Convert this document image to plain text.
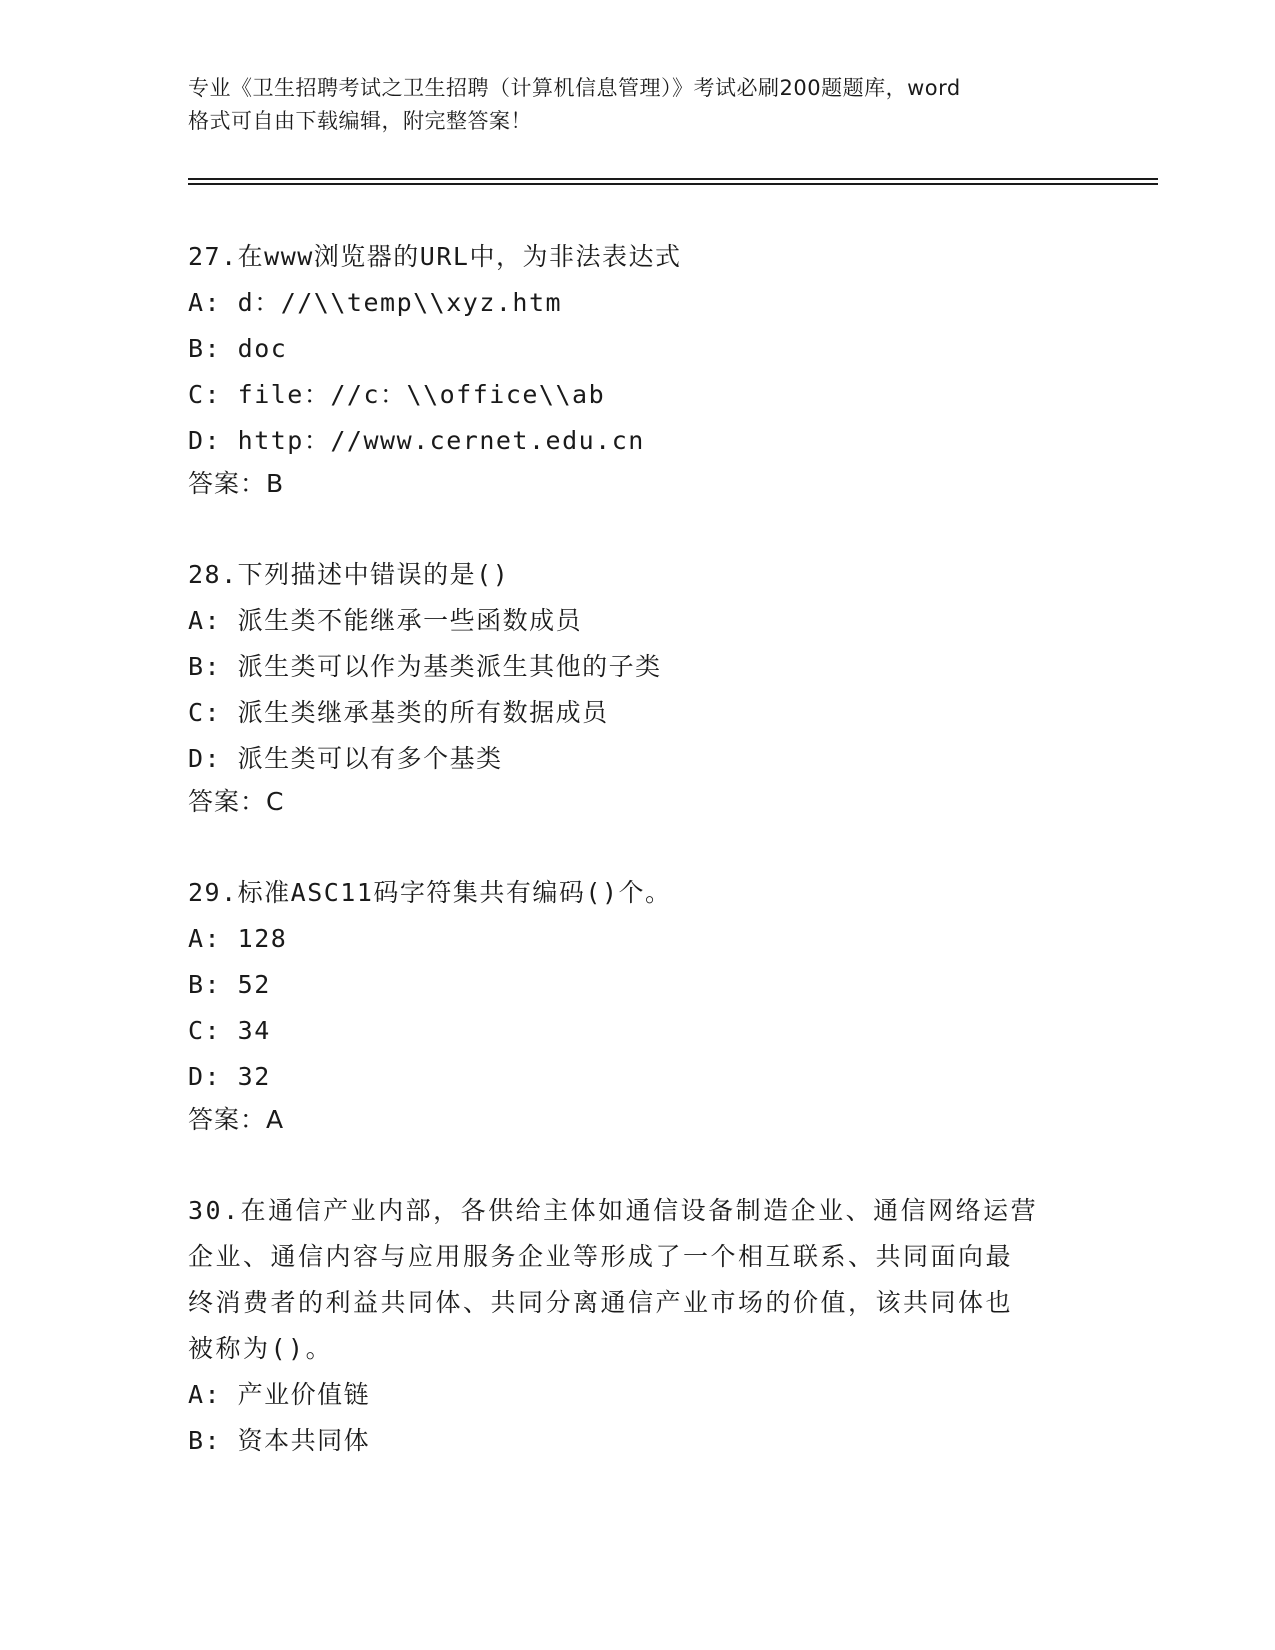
专业《卫生招聘考试之卫生招聘（计算机信息管理）》考试必刷200题题库，word
格式可自由下载编辑，附完整答案！
27.在www浏览器的URL中，为非法表达式
A: d：//\\temp\\xyz.htm
B: doc
C: file：//c：\\office\\ab
D: http：//www.cernet.edu.cn
答案：B
28.下列描述中错误的是()
A: 派生类不能继承一些函数成员
B: 派生类可以作为基类派生其他的子类
C: 派生类继承基类的所有数据成员
D: 派生类可以有多个基类
答案：C
29.标准ASC11码字符集共有编码()个。
A: 128
B: 52
C: 34
D: 32
答案：A
30.在通信产业内部，各供给主体如通信设备制造企业、通信网络运营
企业、通信内容与应用服务企业等形成了一个相互联系、共同面向最
终消费者的利益共同体、共同分离通信产业市场的价值，该共同体也
被称为()。
A: 产业价值链
B: 资本共同体
